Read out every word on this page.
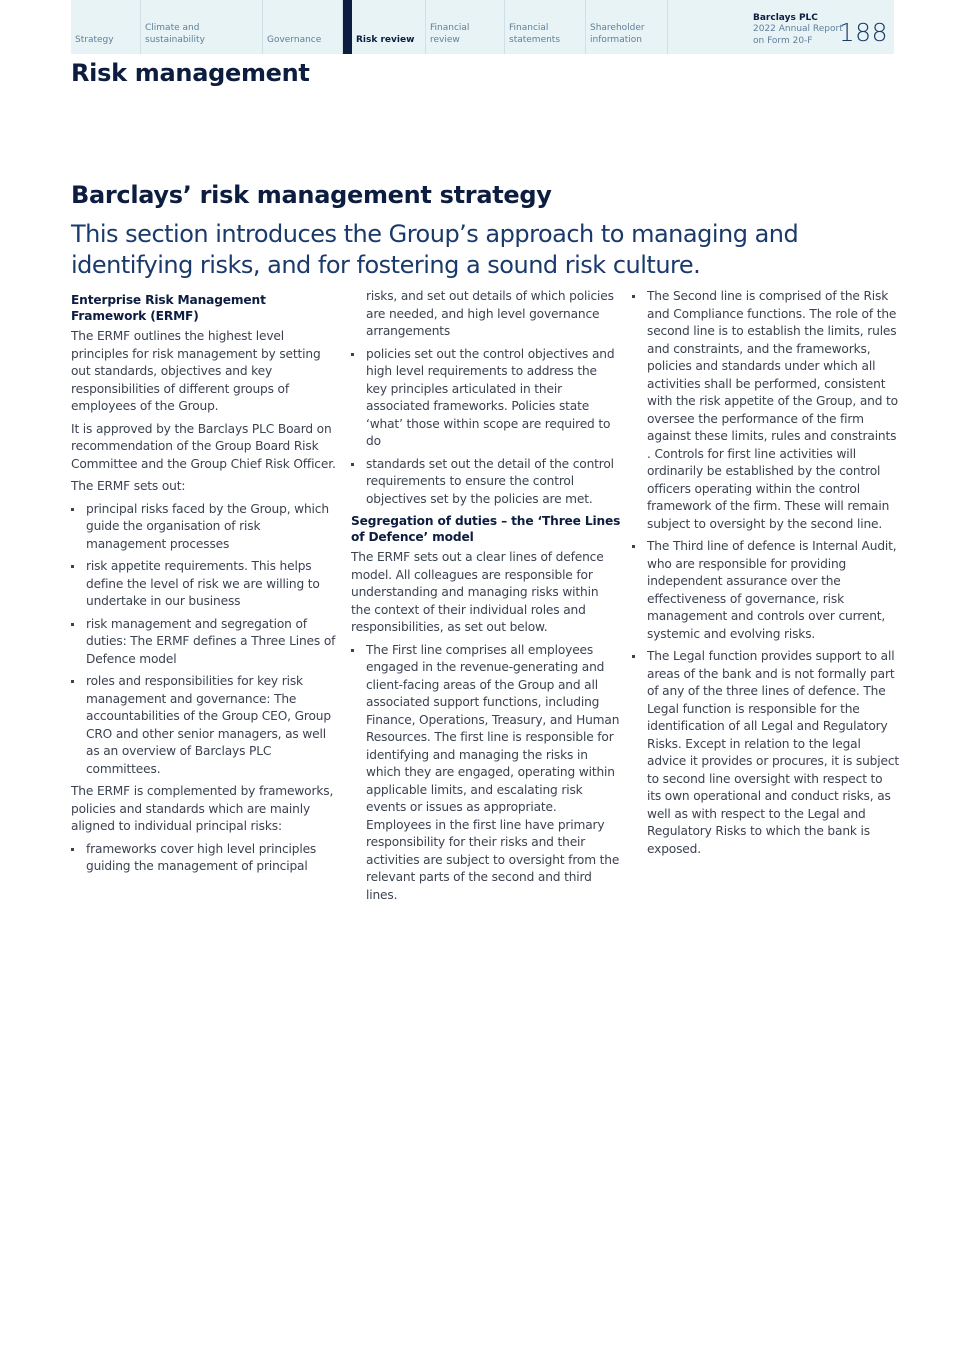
Strategy
Climate and sustainability	Governance	Risk review
Financial review
Financial statements
Shareholder information
Barclays PLC
2022 Annual Report
on Form 20-F	188
Risk management
Barclays’ risk management strategy

This section introduces the Group’s approach to managing and identifying risks, and for fostering a sound risk culture.

Enterprise Risk Management Framework (ERMF)

The ERMF outlines the highest level principles for risk management by setting out standards, objectives and key responsibilities of different groups of employees of the Group.

It is approved by the Barclays PLC Board on recommendation of the Group Board Risk Committee and the Group Chief Risk Officer.

The ERMF sets out:

principal risks faced by the Group, which guide the organisation of risk management processes
risk appetite requirements. This helps define the level of risk we are willing to undertake in our business
risk management and segregation of duties: The ERMF defines a Three Lines of Defence model
roles and responsibilities for key risk management and governance: The accountabilities of the Group CEO, Group CRO and other senior managers, as well as an overview of Barclays PLC committees.

The ERMF is complemented by frameworks, policies and standards which are mainly aligned to individual principal risks:

frameworks cover high level principles guiding the management of principal

risks, and set out details of which policies are needed, and high level governance arrangements

policies set out the control objectives and high level requirements to address the key principles articulated in their associated frameworks. Policies state ‘what’ those within scope are required to do
standards set out the detail of the control requirements to ensure the control objectives set by the policies are met.
Segregation of duties – the ‘Three Lines of Defence’ model

The ERMF sets out a clear lines of defence model. All colleagues are responsible for understanding and managing risks within the context of their individual roles and responsibilities, as set out below.

The First line comprises all employees engaged in the revenue-generating and client-facing areas of the Group and all associated support functions, including Finance, Operations, Treasury, and Human Resources. The first line is responsible for identifying and managing the risks in which they are engaged, operating within applicable limits, and escalating risk events or issues as appropriate. Employees in the first line have primary responsibility for their risks and their activities are subject to oversight from the relevant parts of the second and third lines.
The Second line is comprised of the Risk and Compliance functions. The role of the second line is to establish the limits, rules and constraints, and the frameworks, policies and standards under which all activities shall be performed, consistent with the risk appetite of the Group, and to oversee the performance of the firm against these limits, rules and constraints . Controls for first line activities will ordinarily be established by the control officers operating within the control framework of the firm. These will remain subject to oversight by the second line.
The Third line of defence is Internal Audit, who are responsible for providing independent assurance over the effectiveness of governance, risk management and controls over current, systemic and evolving risks.
The Legal function provides support to all areas of the bank and is not formally part of any of the three lines of defence. The Legal function is responsible for the identification of all Legal and Regulatory Risks. Except in relation to the legal advice it provides or procures, it is subject to second line oversight with respect to its own operational and conduct risks, as well as with respect to the Legal and Regulatory Risks to which the bank is exposed.
